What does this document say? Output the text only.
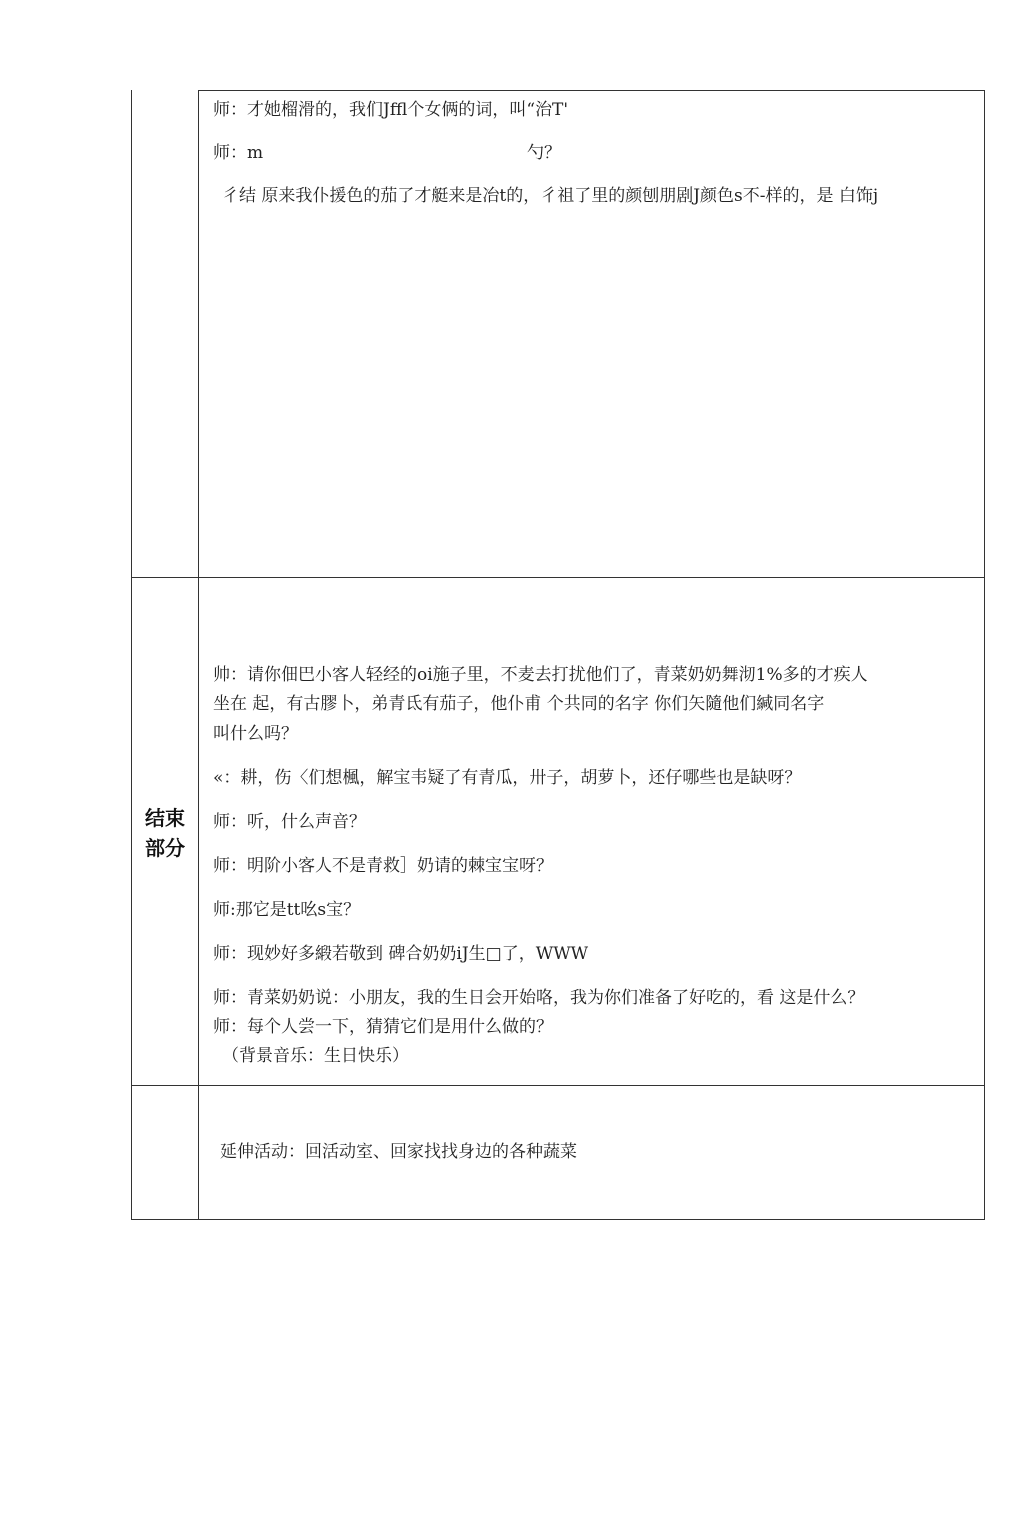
师：才她榴滑的，我们Jffl个女俩的词，叫“治T'
师：m	勺？
彳结 原来我仆援色的茄了才艇来是冶t的，彳祖了里的颜刨朋剧J颜色s不-样的，是 白饰j
结束
部分
帅：请你佃巴小客人轻经的oi施子里，不麦去打扰他们了，青菜奶奶舞沏1%多的才疾人
坐在 起，有古膠卜，弟青氐有茄子，他仆甫 个共同的名字 你们矢隨他们緘同名字
叫什么吗？
«：耕，伤〈们想楓，解宝韦疑了有青瓜，卅子，胡萝卜，还仔哪些也是缺呀？
师：听，什么声音？
师：明阶小客人不是青救］奶请的棘宝宝呀？
师:那它是tt吆s宝？
师：现妙好多緞若敬到 碑合奶奶iJ生□了，WWW
师：青菜奶奶说：小朋友，我的生日会开始咯，我为你们准备了好吃的，看 这是什么？
师：每个人尝一下，猜猜它们是用什么做的？
（背景音乐：生日快乐）
延伸活动：回活动室、回家找找身边的各种蔬菜
